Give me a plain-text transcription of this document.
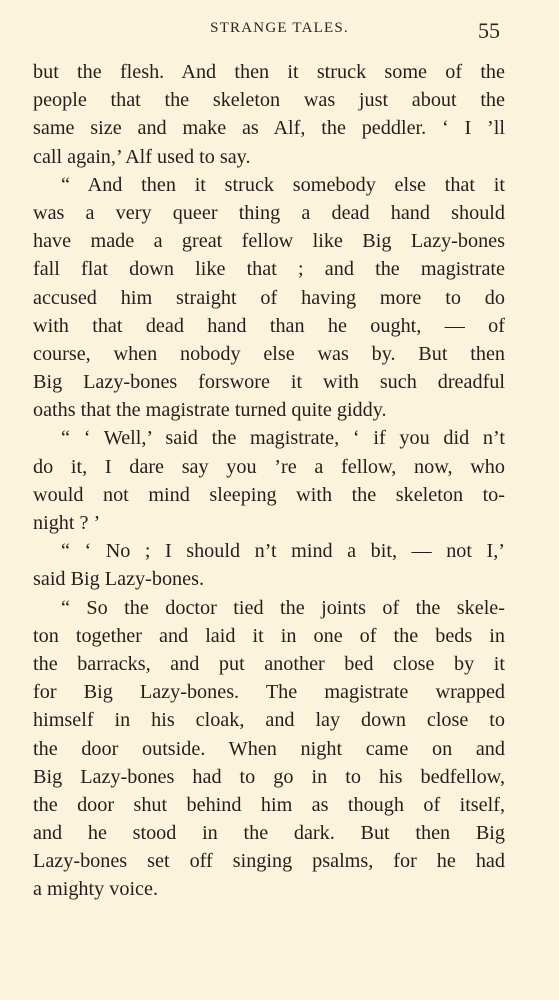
STRANGE TALES.	55
but the flesh. And then it struck some of the
people that the skeleton was just about the
same size and make as Alf, the peddler. ‘ I ’ll
call again,’ Alf used to say.
“ And then it struck somebody else that it
was a very queer thing a dead hand should
have made a great fellow like Big Lazy-bones
fall flat down like that ; and the magistrate
accused him straight of having more to do
with that dead hand than he ought, — of
course, when nobody else was by. But then
Big Lazy-bones forswore it with such dreadful
oaths that the magistrate turned quite giddy.
“ ‘ Well,’ said the magistrate, ‘ if you did n’t
do it, I dare say you ’re a fellow, now, who
would not mind sleeping with the skeleton to-
night ? ’
“ ‘ No ; I should n’t mind a bit, — not I,’
said Big Lazy-bones.
“ So the doctor tied the joints of the skele-
ton together and laid it in one of the beds in
the barracks, and put another bed close by it
for Big Lazy-bones. The magistrate wrapped
himself in his cloak, and lay down close to
the door outside. When night came on and
Big Lazy-bones had to go in to his bedfellow,
the door shut behind him as though of itself,
and he stood in the dark. But then Big
Lazy-bones set off singing psalms, for he had
a mighty voice.
